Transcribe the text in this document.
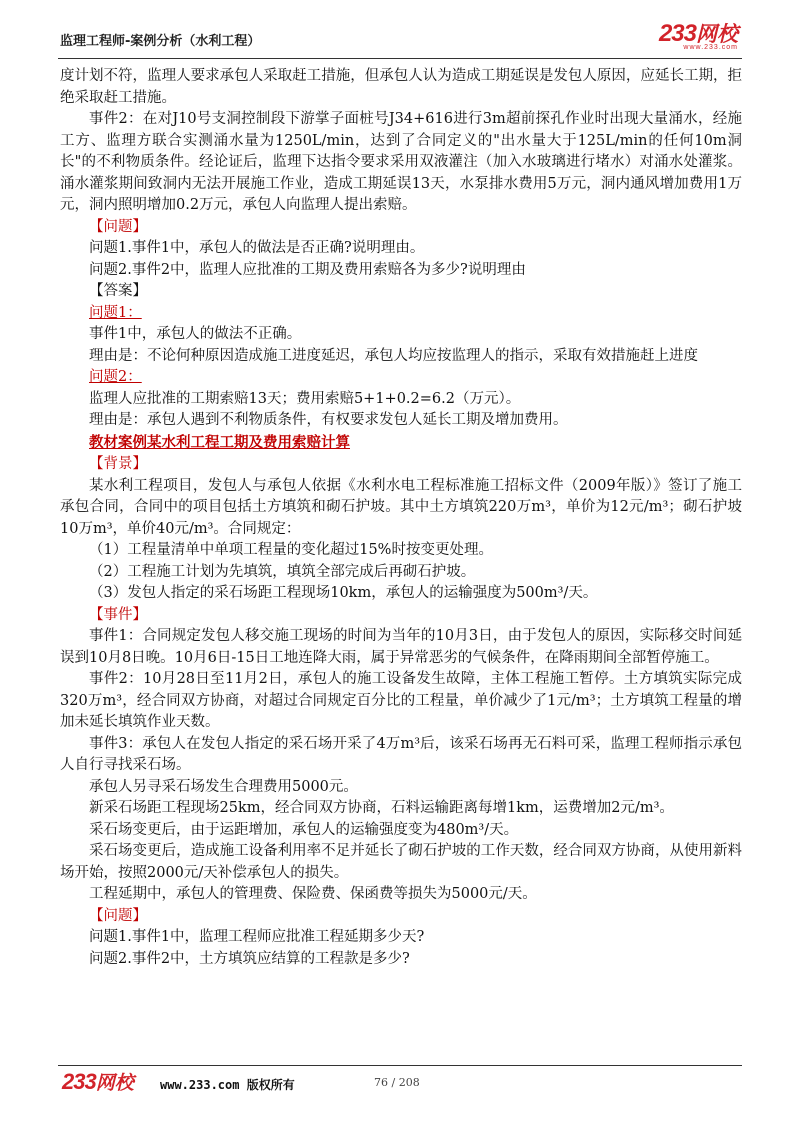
监理工程师-案例分析（水利工程）	233网校
www.233.com

度计划不符，监理人要求承包人采取赶工措施，但承包人认为造成工期延误是发包人原因，应延长工期，拒绝采取赶工措施。

事件2：在对J10号支洞控制段下游掌子面桩号J34+616进行3m超前探孔作业时出现大量涌水，经施工方、监理方联合实测涌水量为1250L/min，达到了合同定义的"出水量大于125L/min的任何10m洞长"的不利物质条件。经论证后，监理下达指令要求采用双液灌注（加入水玻璃进行堵水）对涌水处灌浆。涌水灌浆期间致洞内无法开展施工作业，造成工期延误13天，水泵排水费用5万元，洞内通风增加费用1万元，洞内照明增加0.2万元，承包人向监理人提出索赔。

【问题】

问题1.事件1中，承包人的做法是否正确?说明理由。

问题2.事件2中，监理人应批准的工期及费用索赔各为多少?说明理由

【答案】

问题1：

事件1中，承包人的做法不正确。

理由是：不论何种原因造成施工进度延迟，承包人均应按监理人的指示，采取有效措施赶上进度

问题2：

监理人应批准的工期索赔13天；费用索赔5+1+0.2=6.2（万元）。

理由是：承包人遇到不利物质条件，有权要求发包人延长工期及增加费用。

教材案例某水利工程工期及费用索赔计算

【背景】

某水利工程项目，发包人与承包人依据《水利水电工程标准施工招标文件（2009年版）》签订了施工承包合同，合同中的项目包括土方填筑和砌石护坡。其中土方填筑220万m³，单价为12元/m³；砌石护坡10万m³，单价40元/m³。合同规定：

（1）工程量清单中单项工程量的变化超过15%时按变更处理。

（2）工程施工计划为先填筑，填筑全部完成后再砌石护坡。

（3）发包人指定的采石场距工程现场10km，承包人的运输强度为500m³/天。

【事件】

事件1：合同规定发包人移交施工现场的时间为当年的10月3日，由于发包人的原因，实际移交时间延误到10月8日晚。10月6日-15日工地连降大雨，属于异常恶劣的气候条件，在降雨期间全部暂停施工。

事件2：10月28日至11月2日，承包人的施工设备发生故障，主体工程施工暂停。土方填筑实际完成320万m³，经合同双方协商，对超过合同规定百分比的工程量，单价减少了1元/m³；土方填筑工程量的增加未延长填筑作业天数。

事件3：承包人在发包人指定的采石场开采了4万m³后，该采石场再无石料可采，监理工程师指示承包人自行寻找采石场。

承包人另寻采石场发生合理费用5000元。

新采石场距工程现场25km，经合同双方协商，石料运输距离每增1km，运费增加2元/m³。

采石场变更后，由于运距增加，承包人的运输强度变为480m³/天。

采石场变更后，造成施工设备利用率不足并延长了砌石护坡的工作天数，经合同双方协商，从使用新料场开始，按照2000元/天补偿承包人的损失。

工程延期中，承包人的管理费、保险费、保函费等损失为5000元/天。

【问题】

问题1.事件1中，监理工程师应批准工程延期多少天?

问题2.事件2中，土方填筑应结算的工程款是多少?

233网校 www.233.com 版权所有	76 / 208
